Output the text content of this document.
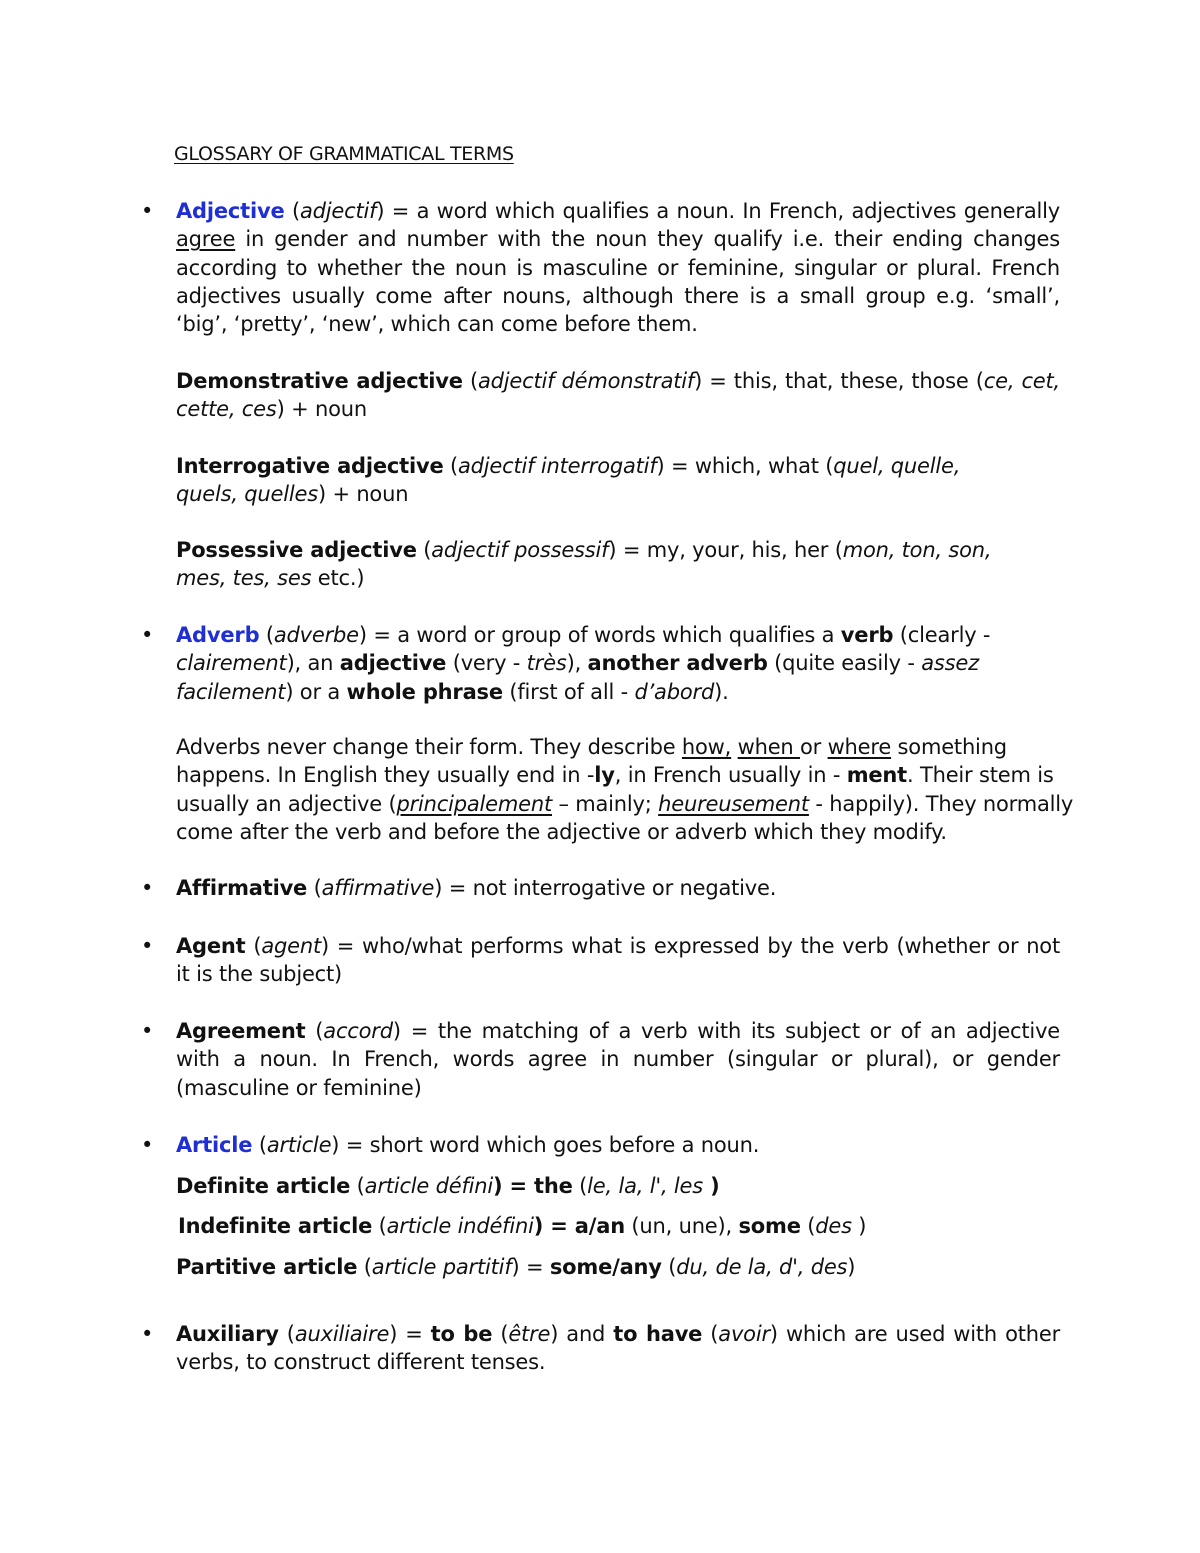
GLOSSARY OF GRAMMATICAL TERMS
• Adjective (adjectif) = a word which qualifies a noun. In French, adjectives generally agree in gender and number with the noun they qualify i.e. their ending changes according to whether the noun is masculine or feminine, singular or plural. French adjectives usually come after nouns, although there is a small group e.g. ‘small’, ‘big’, ‘pretty’, ‘new’, which can come before them.

Demonstrative adjective (adjectif démonstratif) = this, that, these, those (ce, cet, cette, ces) + noun

Interrogative adjective (adjectif interrogatif) = which, what (quel, quelle, quels, quelles) + noun

Possessive adjective (adjectif possessif) = my, your, his, her (mon, ton, son, mes, tes, ses etc.)

• Adverb (adverbe) = a word or group of words which qualifies a verb (clearly - clairement), an adjective (very - très), another adverb (quite easily - assez facilement) or a whole phrase (first of all - d’abord).

Adverbs never change their form. They describe how, when or where something happens. In English they usually end in -ly, in French usually in - ment. Their stem is usually an adjective (principalement – mainly; heureusement - happily). They normally come after the verb and before the adjective or adverb which they modify.

• Affirmative (affirmative) = not interrogative or negative.

• Agent (agent) = who/what performs what is expressed by the verb (whether or not it is the subject)

• Agreement (accord) = the matching of a verb with its subject or of an adjective with a noun. In French, words agree in number (singular or plural), or gender (masculine or feminine)

• Article (article) = short word which goes before a noun.

Definite article (article défini) = the (le, la, l', les )

Indefinite article (article indéfini) = a/an (un, une), some (des )

Partitive article (article partitif) = some/any (du, de la, d', des)

• Auxiliary (auxiliaire) = to be (être) and to have (avoir) which are used with other verbs, to construct different tenses.
